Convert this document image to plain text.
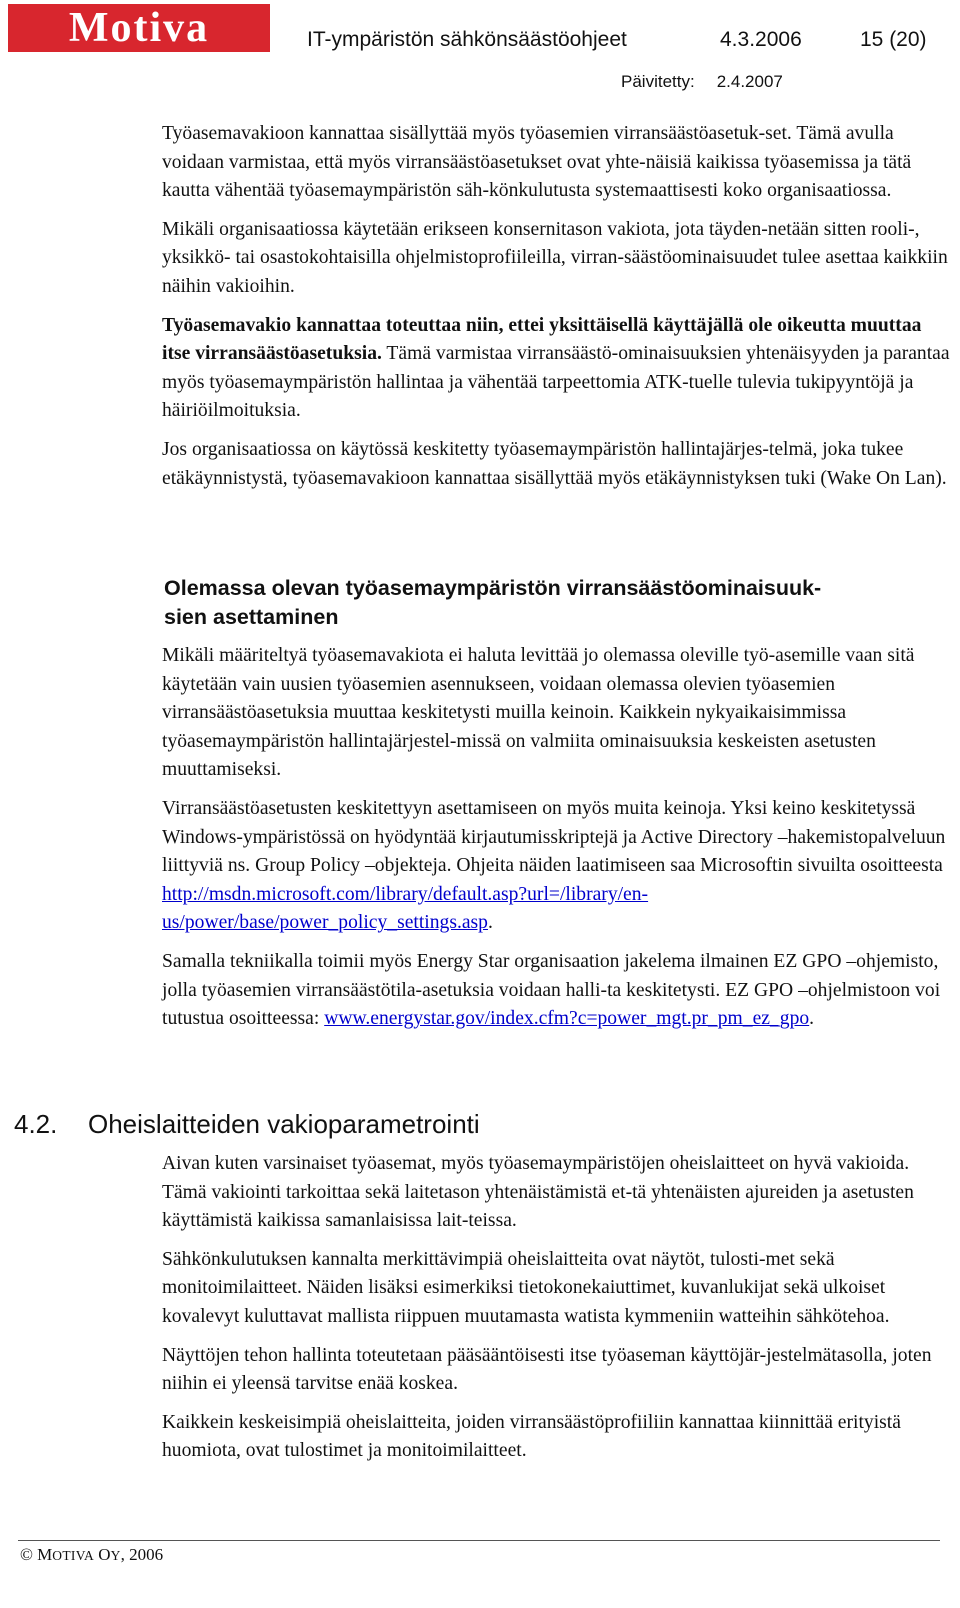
Motiva	IT-ympäristön sähkönsäästöohjeet	4.3.2006	15 (20)
Päivitetty: 2.4.2007

Työasemavakioon kannattaa sisällyttää myös työasemien virransäästöasetuk-set. Tämä avulla voidaan varmistaa, että myös virransäästöasetukset ovat yhte-näisiä kaikissa työasemissa ja tätä kautta vähentää työasemaympäristön säh-könkulutusta systemaattisesti koko organisaatiossa.

Mikäli organisaatiossa käytetään erikseen konsernitason vakiota, jota täyden-netään sitten rooli-, yksikkö- tai osastokohtaisilla ohjelmistoprofiileilla, virran-säästöominaisuudet tulee asettaa kaikkiin näihin vakioihin.

Työasemavakio kannattaa toteuttaa niin, ettei yksittäisellä käyttäjällä ole oikeutta muuttaa itse virransäästöasetuksia. Tämä varmistaa virransäästö-ominaisuuksien yhtenäisyyden ja parantaa myös työasemaympäristön hallintaa ja vähentää tarpeettomia ATK-tuelle tulevia tukipyyntöjä ja häiriöilmoituksia.

Jos organisaatiossa on käytössä keskitetty työasemaympäristön hallintajärjes-telmä, joka tukee etäkäynnistystä, työasemavakioon kannattaa sisällyttää myös etäkäynnistyksen tuki (Wake On Lan).

Olemassa olevan työasemaympäristön virransäästöominaisuuk-
sien asettaminen

Mikäli määriteltyä työasemavakiota ei haluta levittää jo olemassa oleville työ-asemille vaan sitä käytetään vain uusien työasemien asennukseen, voidaan olemassa olevien työasemien virransäästöasetuksia muuttaa keskitetysti muilla keinoin. Kaikkein nykyaikaisimmissa työasemaympäristön hallintajärjestel-missä on valmiita ominaisuuksia keskeisten asetusten muuttamiseksi.

Virransäästöasetusten keskitettyyn asettamiseen on myös muita keinoja. Yksi keino keskitetyssä Windows-ympäristössä on hyödyntää kirjautumisskriptejä ja Active Directory –hakemistopalveluun liittyviä ns. Group Policy –objekteja. Ohjeita näiden laatimiseen saa Microsoftin sivuilta osoitteesta http://msdn.microsoft.com/library/default.asp?url=/library/en-us/power/base/power_policy_settings.asp.

Samalla tekniikalla toimii myös Energy Star organisaation jakelema ilmainen EZ GPO –ohjemisto, jolla työasemien virransäästötila-asetuksia voidaan halli-ta keskitetysti. EZ GPO –ohjelmistoon voi tutustua osoitteessa: www.energystar.gov/index.cfm?c=power_mgt.pr_pm_ez_gpo.

4.2. Oheislaitteiden vakioparametrointi

Aivan kuten varsinaiset työasemat, myös työasemaympäristöjen oheislaitteet on hyvä vakioida. Tämä vakiointi tarkoittaa sekä laitetason yhtenäistämistä et-tä yhtenäisten ajureiden ja asetusten käyttämistä kaikissa samanlaisissa lait-teissa.

Sähkönkulutuksen kannalta merkittävimpiä oheislaitteita ovat näytöt, tulosti-met sekä monitoimilaitteet. Näiden lisäksi esimerkiksi tietokonekaiuttimet, kuvanlukijat sekä ulkoiset kovalevyt kuluttavat mallista riippuen muutamasta watista kymmeniin watteihin sähkötehoa.

Näyttöjen tehon hallinta toteutetaan pääsääntöisesti itse työaseman käyttöjär-jestelmätasolla, joten niihin ei yleensä tarvitse enää koskea.

Kaikkein keskeisimpiä oheislaitteita, joiden virransäästöprofiiliin kannattaa kiinnittää erityistä huomiota, ovat tulostimet ja monitoimilaitteet.

© MOTIVA OY, 2006
